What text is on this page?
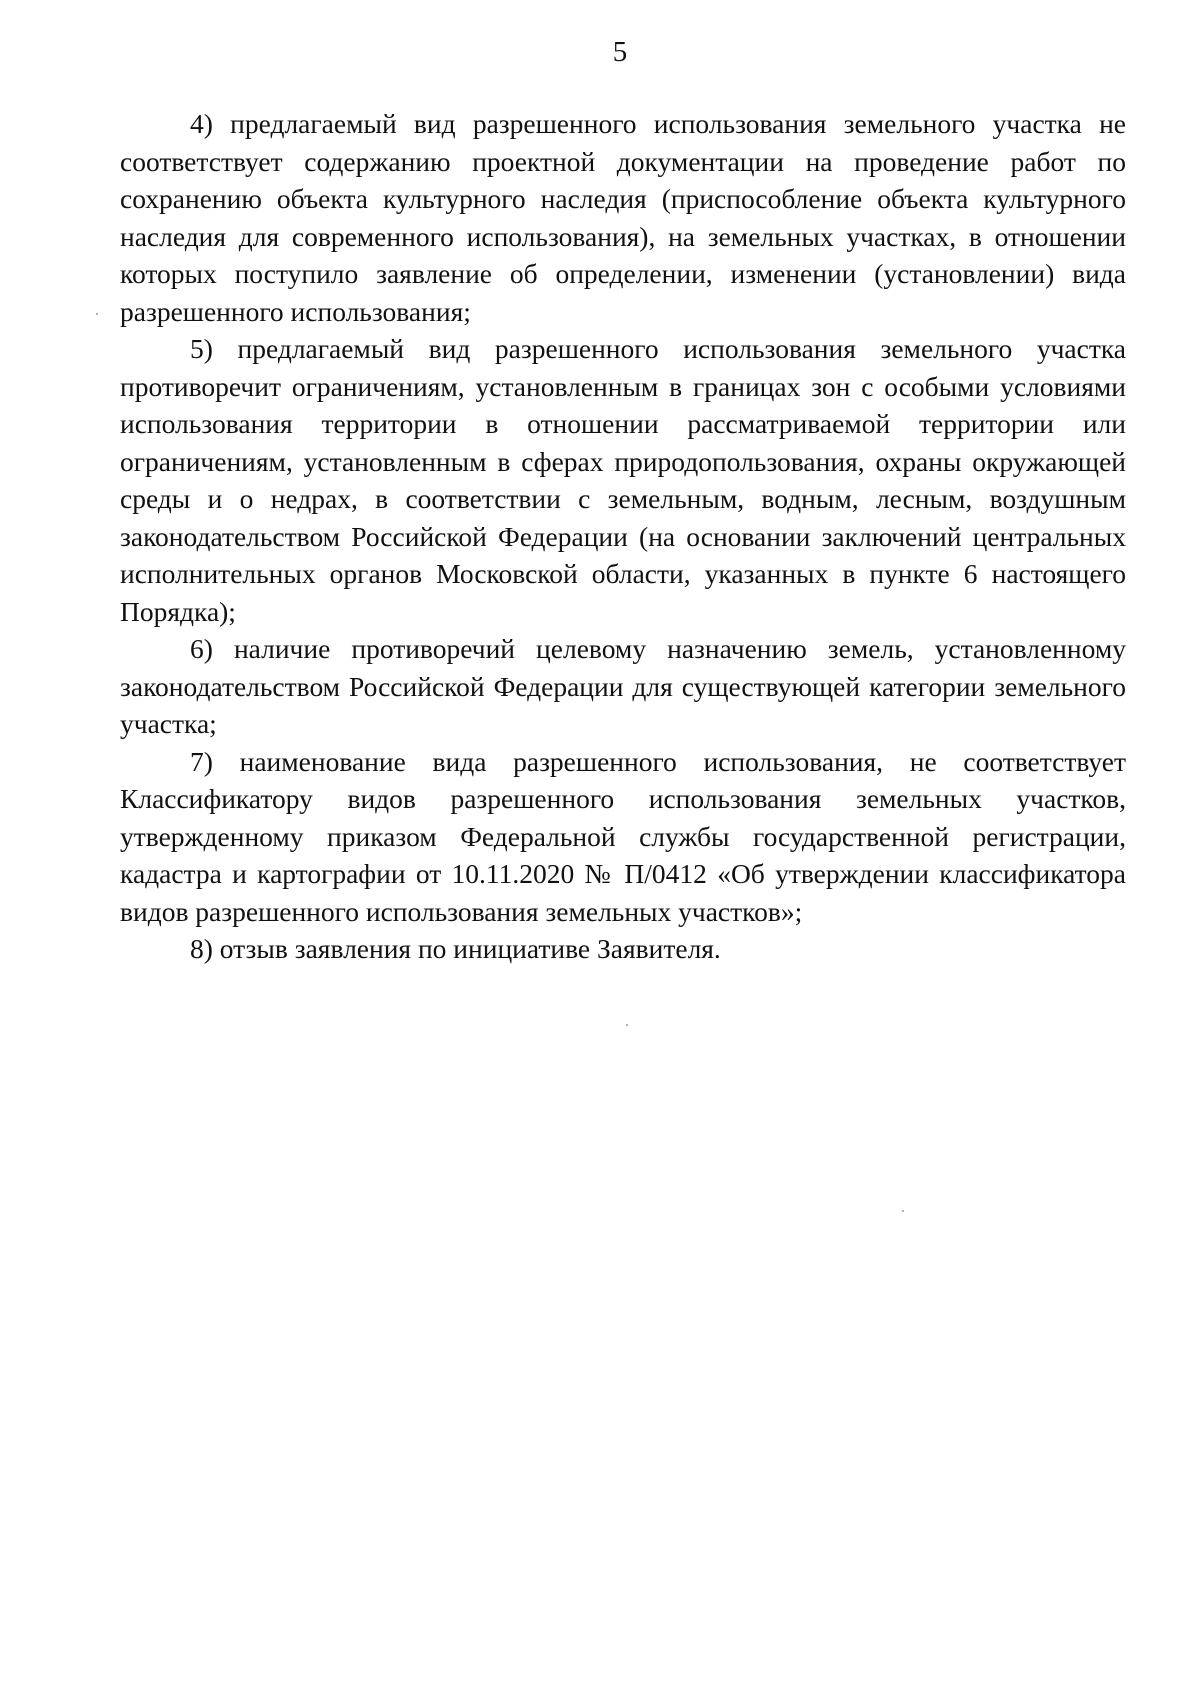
5

4) предлагаемый вид разрешенного использования земельного участка не соответствует содержанию проектной документации на проведение работ по сохранению объекта культурного наследия (приспособление объекта культурного наследия для современного использования), на земельных участках, в отношении которых поступило заявление об определении, изменении (установлении) вида разрешенного использования;

5) предлагаемый вид разрешенного использования земельного участка противоречит ограничениям, установленным в границах зон с особыми условиями использования территории в отношении рассматриваемой территории или ограничениям, установленным в сферах природопользования, охраны окружающей среды и о недрах, в соответствии с земельным, водным, лесным, воздушным законодательством Российской Федерации (на основании заключений центральных исполнительных органов Московской области, указанных в пункте 6 настоящего Порядка);

6) наличие противоречий целевому назначению земель, установленному законодательством Российской Федерации для существующей категории земельного участка;

7) наименование вида разрешенного использования, не соответствует Классификатору видов разрешенного использования земельных участков, утвержденному приказом Федеральной службы государственной регистрации, кадастра и картографии от 10.11.2020 № П/0412 «Об утверждении классификатора видов разрешенного использования земельных участков»;

8) отзыв заявления по инициативе Заявителя.
